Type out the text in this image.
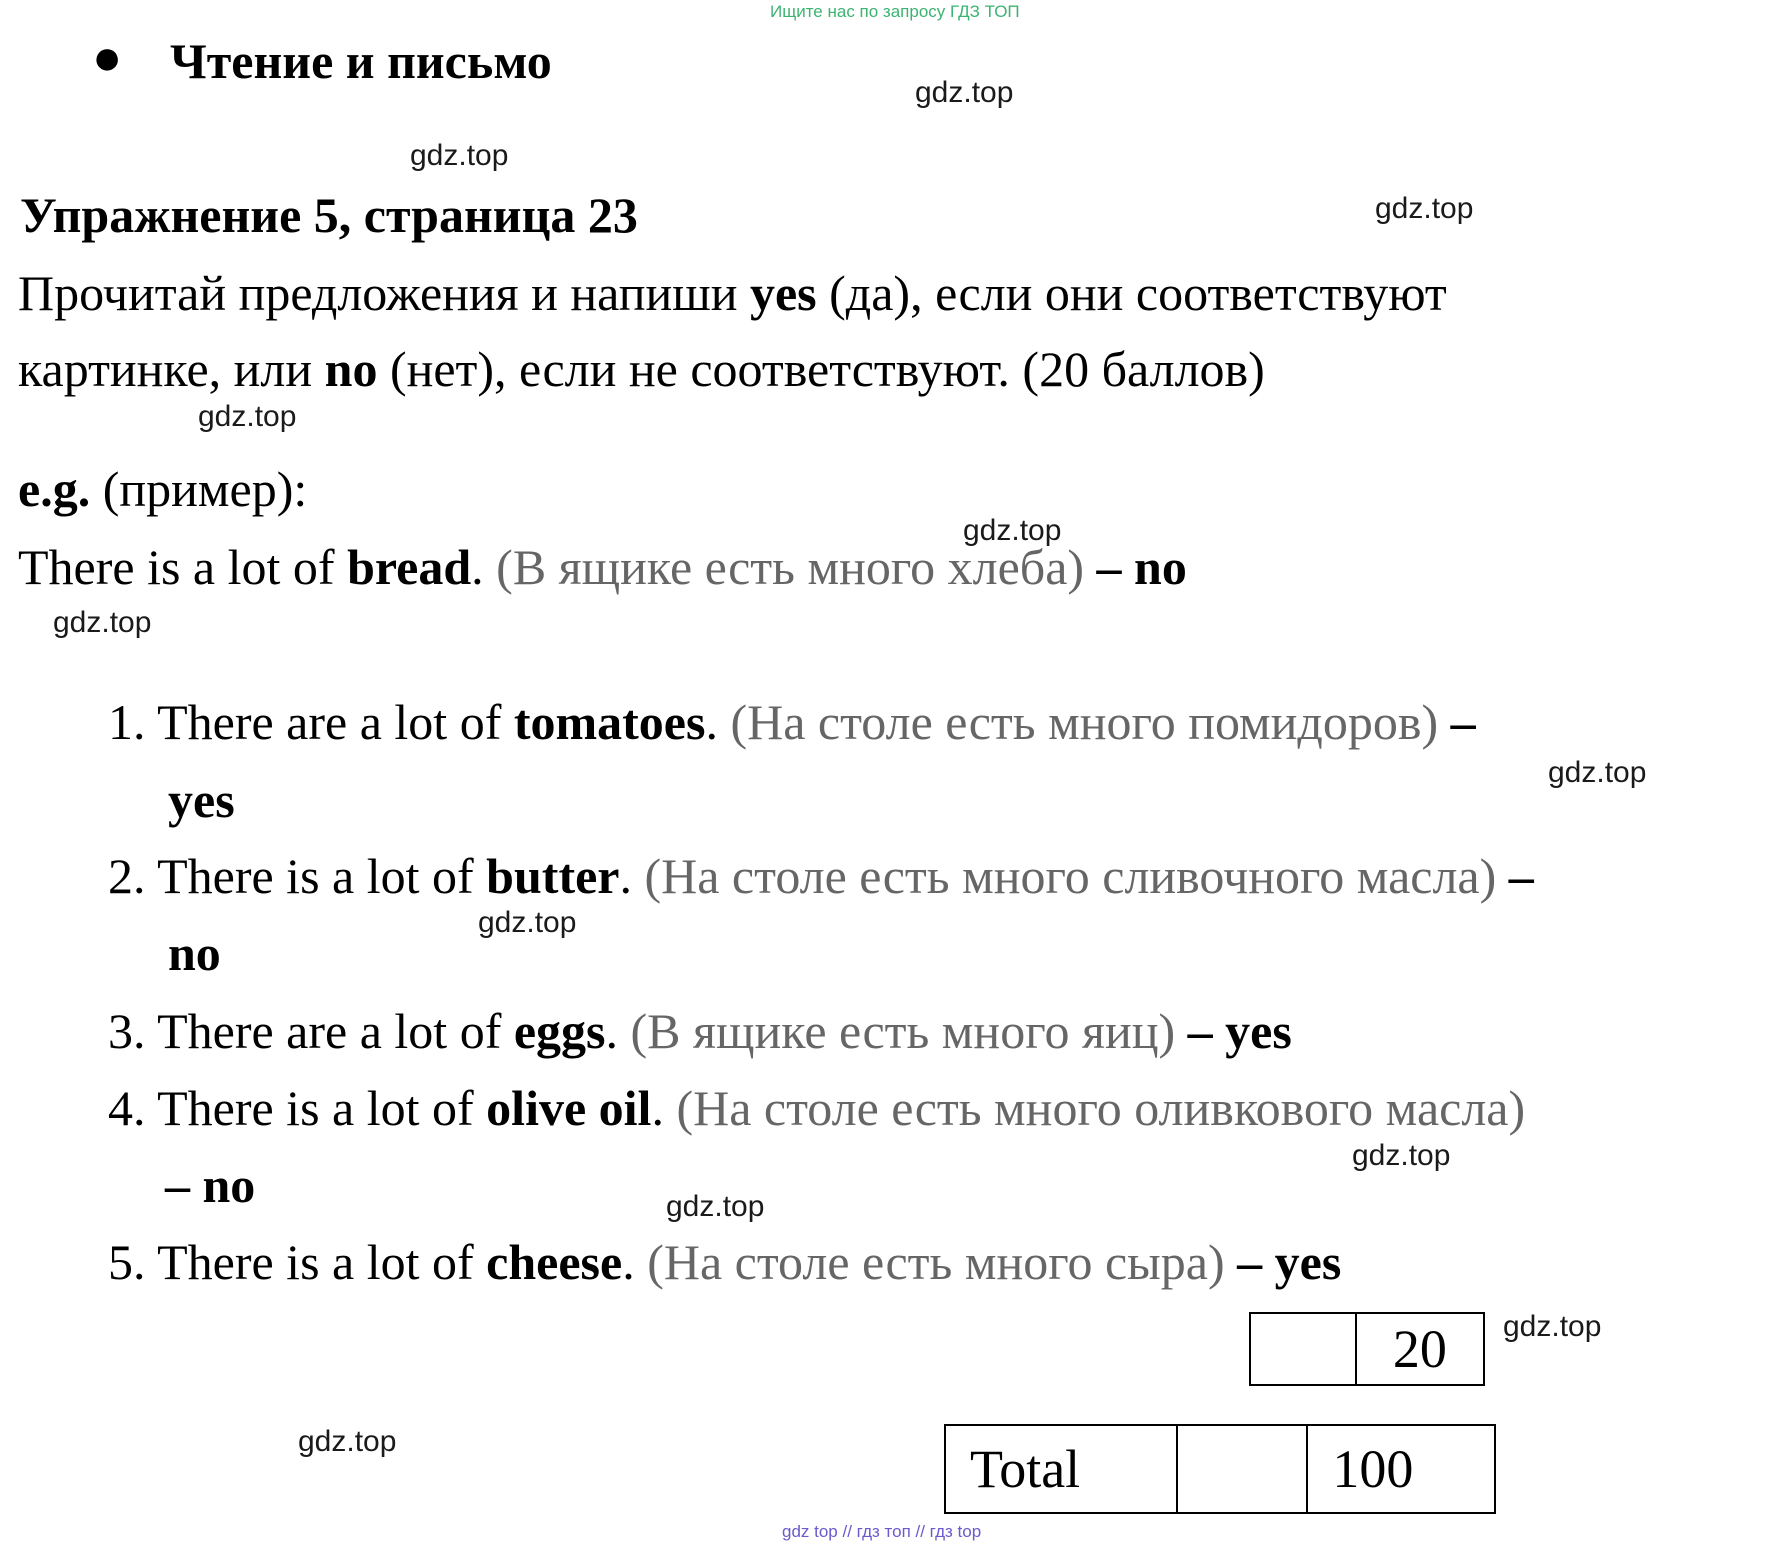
Ищите нас по запросу ГДЗ ТОП
● Чтение и письмо
Упражнение 5, страница 23
Прочитай предложения и напиши yes (да), если они соответствуют
картинке, или no (нет), если не соответствуют. (20 баллов)
e.g. (пример):
There is a lot of bread. (В ящике есть много хлеба) – no
1. There are a lot of tomatoes. (На столе есть много помидоров) –
yes
2. There is a lot of butter. (На столе есть много сливочного масла) –
no
3. There are a lot of eggs. (В ящике есть много яиц) – yes
4. There is a lot of olive oil. (На столе есть много оливкового масла)
– no
5. There is a lot of cheese. (На столе есть много сыра) – yes
	20
Total		100
gdz.top
gdz.top
gdz.top
gdz.top
gdz.top
gdz.top
gdz.top
gdz.top
gdz.top
gdz.top
gdz.top
gdz.top
gdz top // гдз топ // гдз top
